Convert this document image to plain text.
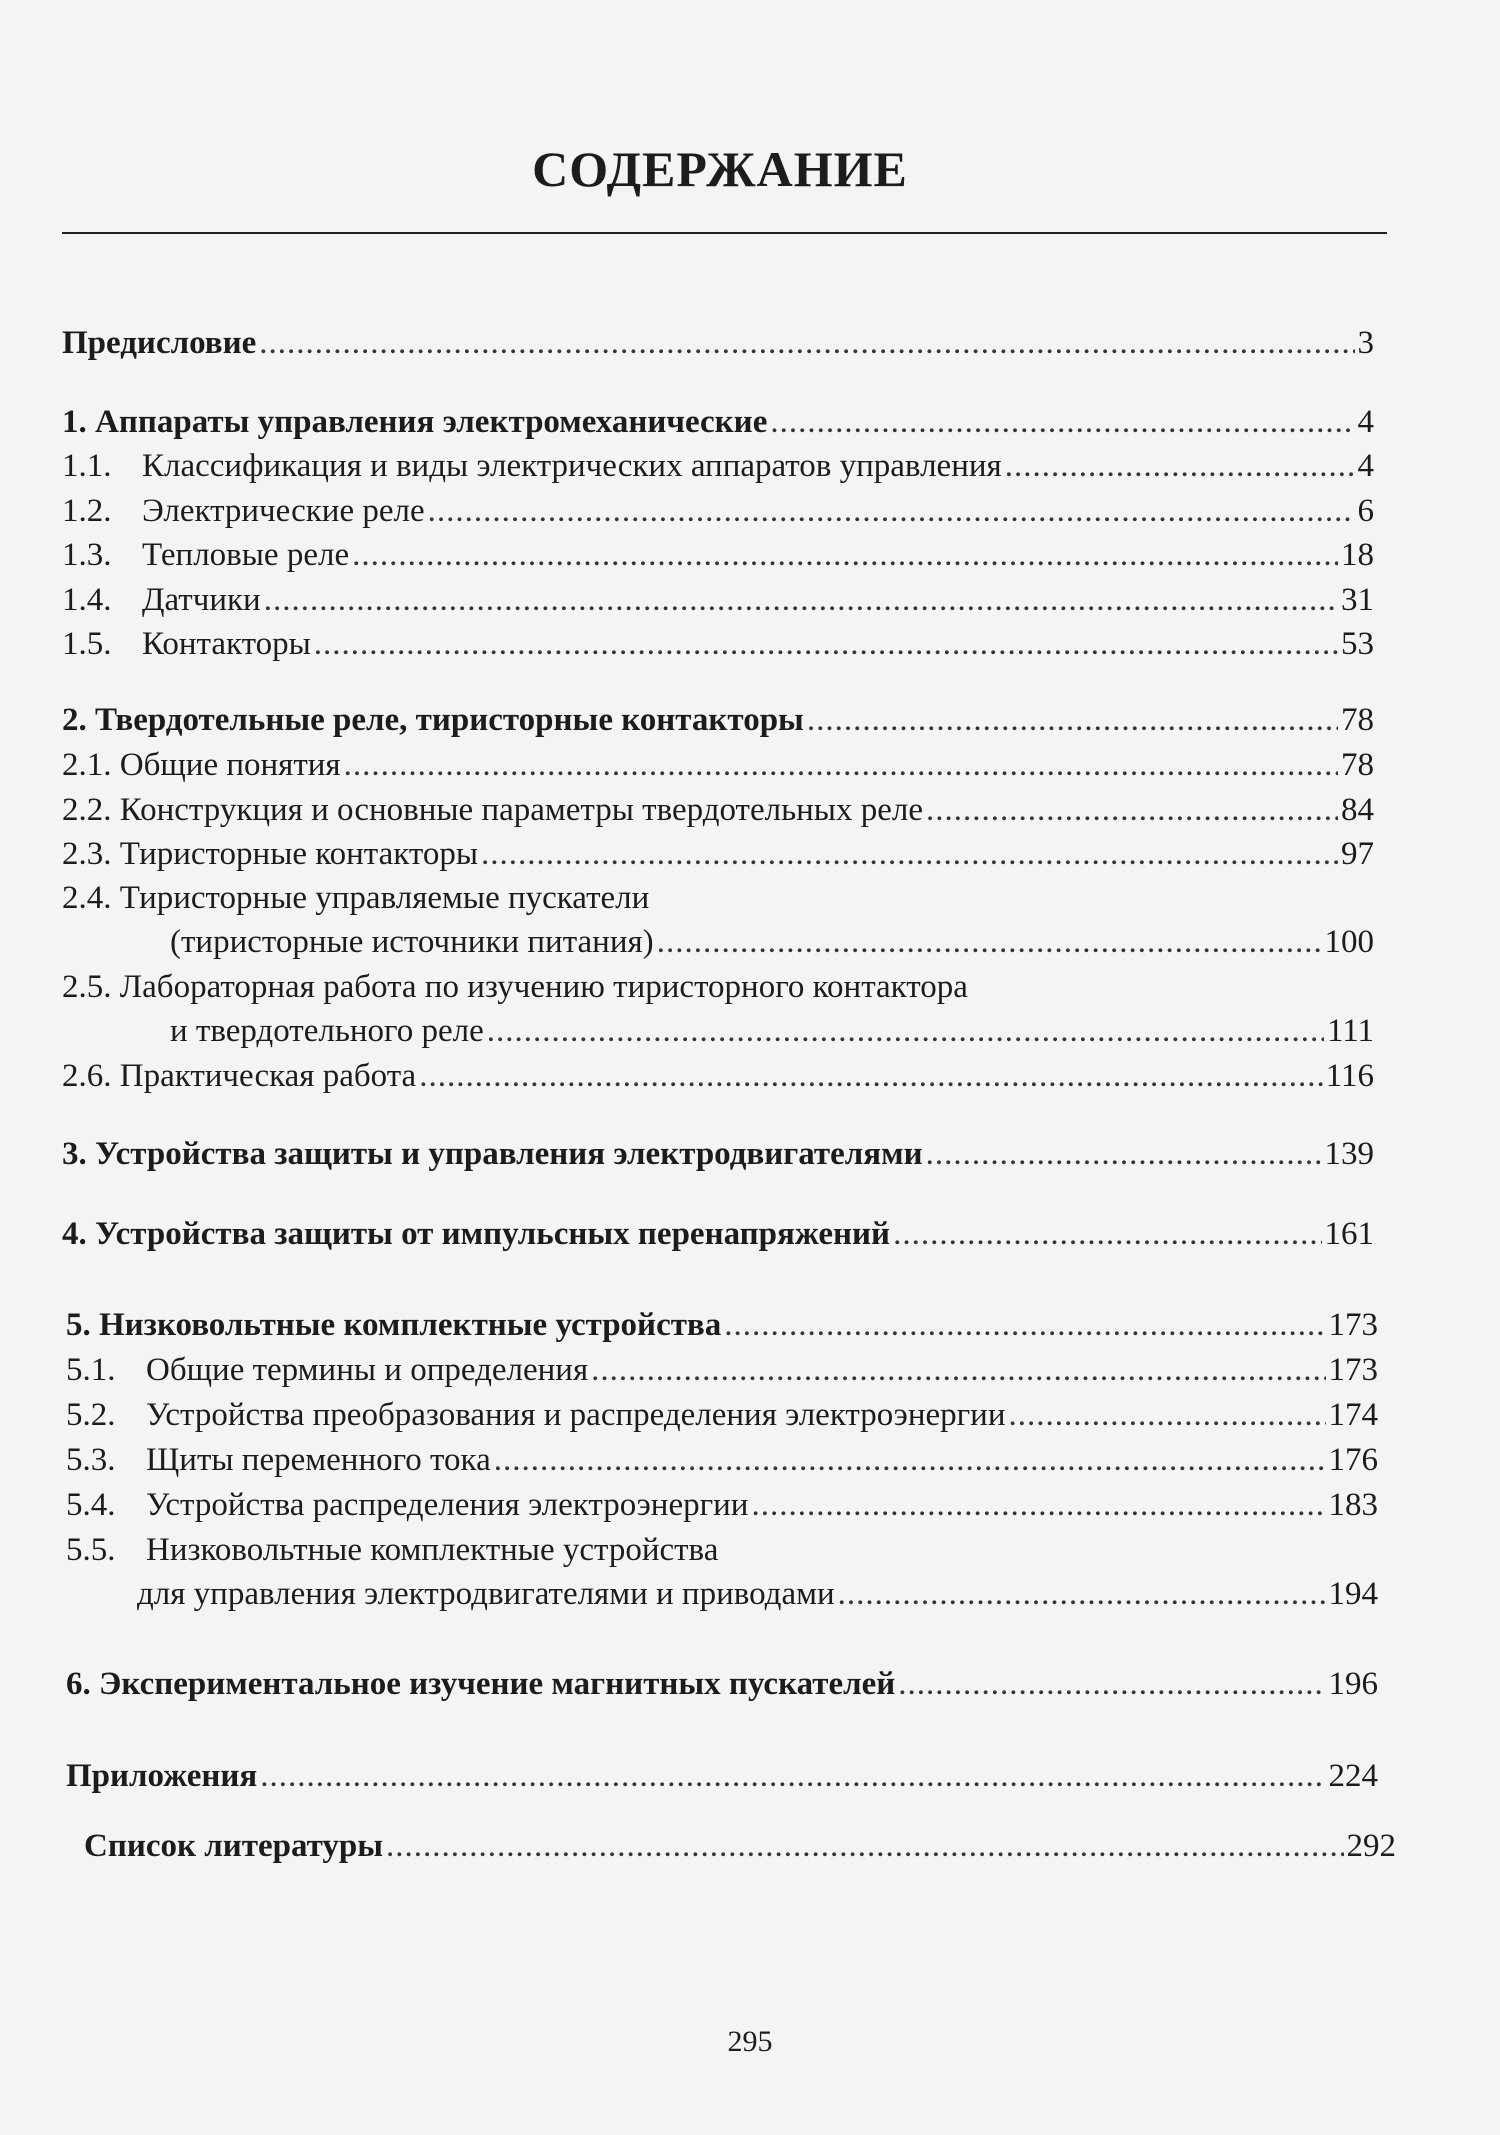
СОДЕРЖАНИЕ
Предисловие .....	3
1. Аппараты управления электромеханические .....	4
1.1. Классификация и виды электрических аппаратов управления .....	4
1.2. Электрические реле .....	6
1.3. Тепловые реле .....	18
1.4. Датчики .....	31
1.5. Контакторы .....	53
2. Твердотельные реле, тиристорные контакторы .....	78
2.1. Общие понятия .....	78
2.2. Конструкция и основные параметры твердотельных реле .....	84
2.3. Тиристорные контакторы .....	97
2.4. Тиристорные управляемые пускатели
(тиристорные источники питания) .....	100
2.5. Лабораторная работа по изучению тиристорного контактора
и твердотельного реле .....	111
2.6. Практическая работа .....	116
3. Устройства защиты и управления электродвигателями .....	139
4. Устройства защиты от импульсных перенапряжений .....	161
5. Низковольтные комплектные устройства .....	173
5.1. Общие термины и определения .....	173
5.2. Устройства преобразования и распределения электроэнергии .....	174
5.3. Щиты переменного тока .....	176
5.4. Устройства распределения электроэнергии .....	183
5.5. Низковольтные комплектные устройства
для управления электродвигателями и приводами .....	194
6. Экспериментальное изучение магнитных пускателей .....	196
Приложения .....	224
Список литературы .....	292
295
